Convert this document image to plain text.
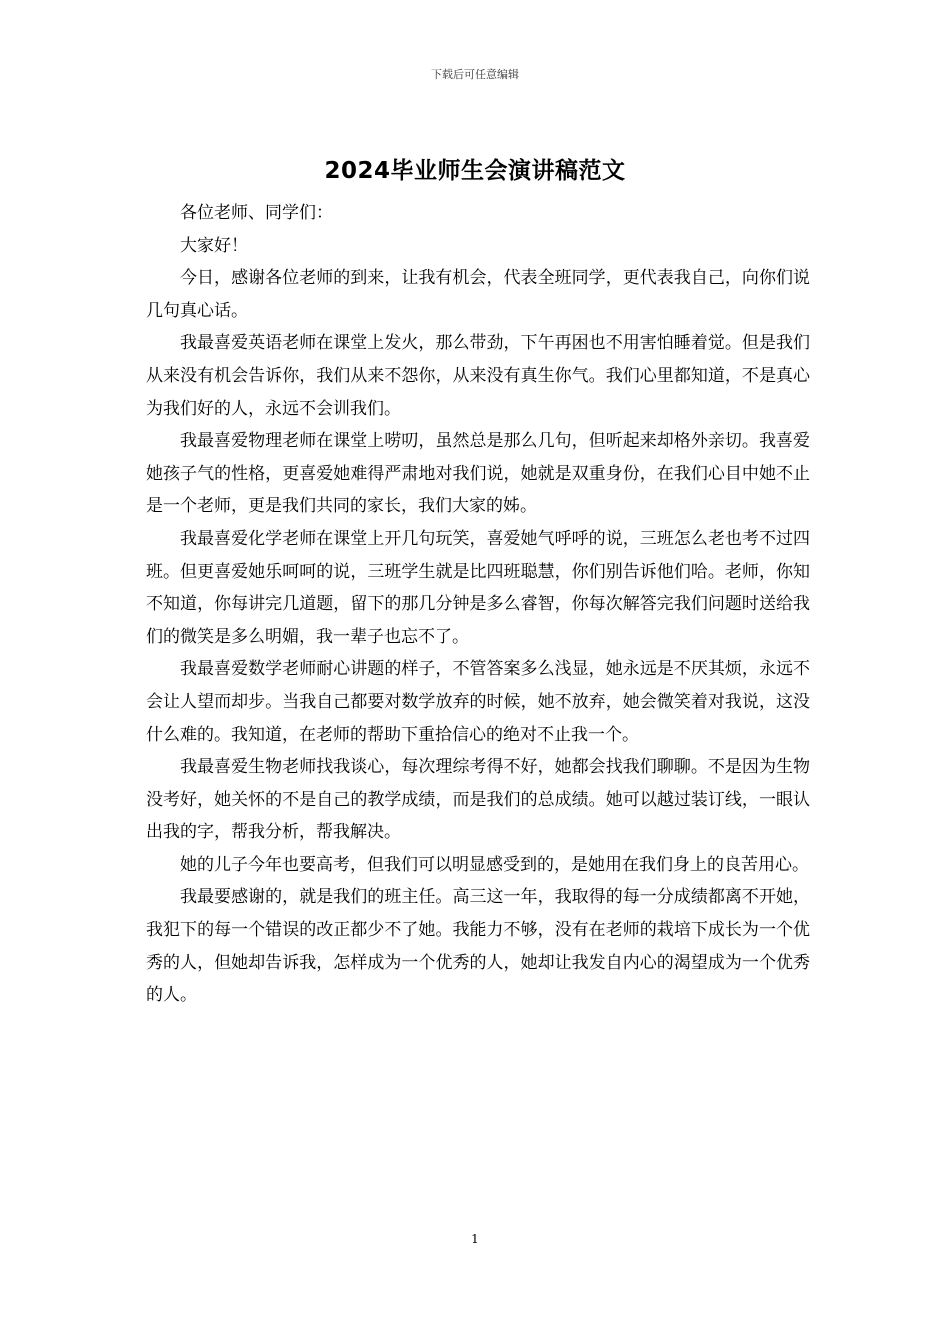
下载后可任意编辑
2024毕业师生会演讲稿范文

各位老师、同学们：

大家好！

今日，感谢各位老师的到来，让我有机会，代表全班同学，更代表我自己，向你们说几句真心话。

我最喜爱英语老师在课堂上发火，那么带劲，下午再困也不用害怕睡着觉。但是我们从来没有机会告诉你，我们从来不怨你，从来没有真生你气。我们心里都知道，不是真心为我们好的人，永远不会训我们。

我最喜爱物理老师在课堂上唠叨，虽然总是那么几句，但听起来却格外亲切。我喜爱她孩子气的性格，更喜爱她难得严肃地对我们说，她就是双重身份，在我们心目中她不止是一个老师，更是我们共同的家长，我们大家的姊。

我最喜爱化学老师在课堂上开几句玩笑，喜爱她气呼呼的说，三班怎么老也考不过四班。但更喜爱她乐呵呵的说，三班学生就是比四班聪慧，你们别告诉他们哈。老师，你知不知道，你每讲完几道题，留下的那几分钟是多么睿智，你每次解答完我们问题时送给我们的微笑是多么明媚，我一辈子也忘不了。

我最喜爱数学老师耐心讲题的样子，不管答案多么浅显，她永远是不厌其烦，永远不会让人望而却步。当我自己都要对数学放弃的时候，她不放弃，她会微笑着对我说，这没什么难的。我知道，在老师的帮助下重拾信心的绝对不止我一个。

我最喜爱生物老师找我谈心，每次理综考得不好，她都会找我们聊聊。不是因为生物没考好，她关怀的不是自己的教学成绩，而是我们的总成绩。她可以越过装订线，一眼认出我的字，帮我分析，帮我解决。

她的儿子今年也要高考，但我们可以明显感受到的，是她用在我们身上的良苦用心。

我最要感谢的，就是我们的班主任。高三这一年，我取得的每一分成绩都离不开她，我犯下的每一个错误的改正都少不了她。我能力不够，没有在老师的栽培下成长为一个优秀的人，但她却告诉我，怎样成为一个优秀的人，她却让我发自内心的渴望成为一个优秀的人。

1
